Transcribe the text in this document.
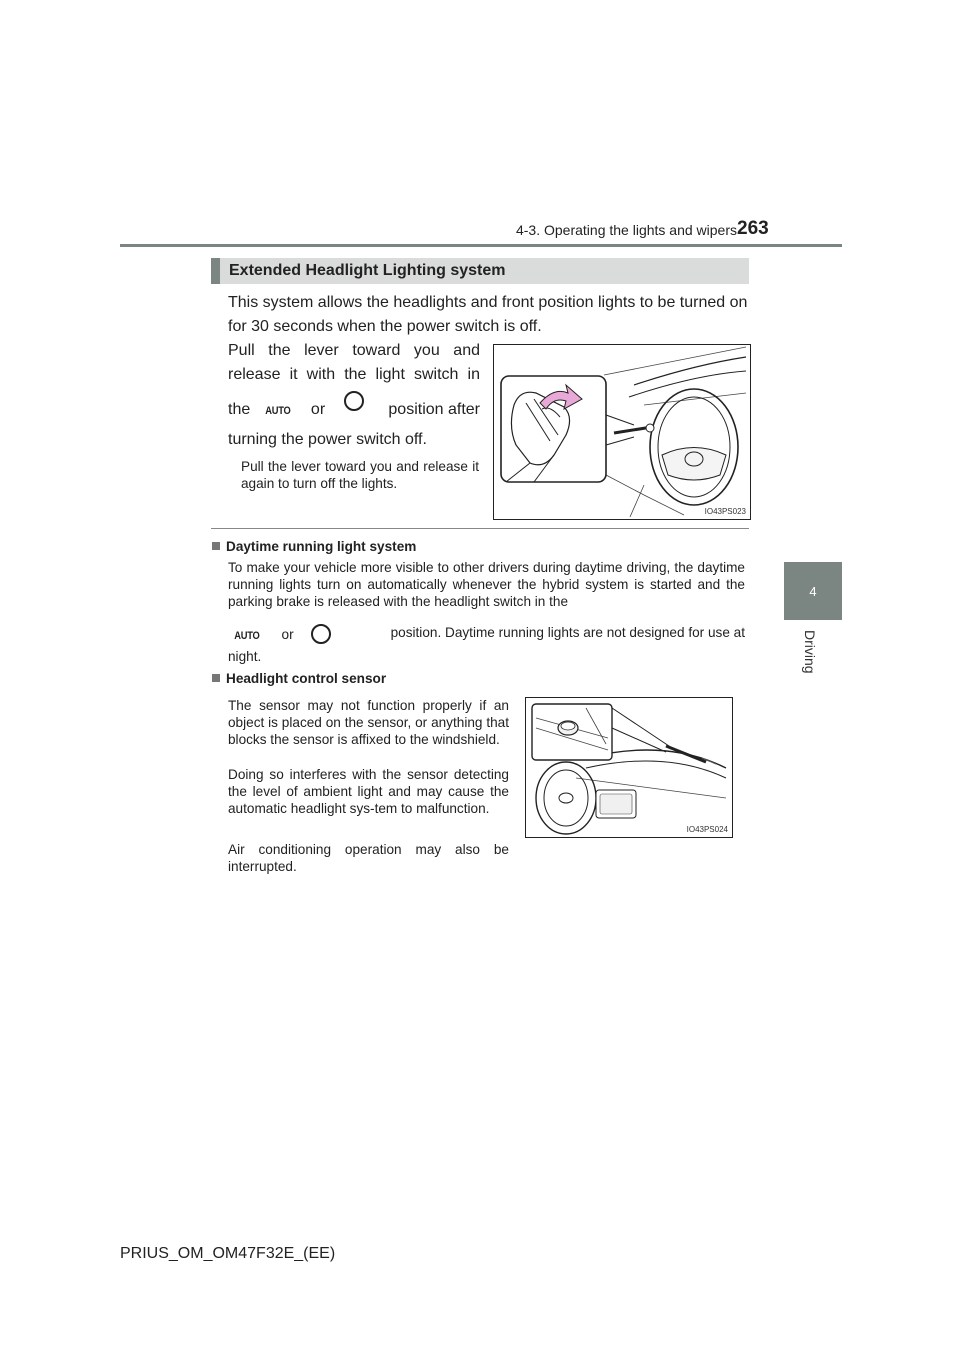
4-3. Operating the lights and wipers 263
4
Driving
Extended Headlight Lighting system
This system allows the headlights and front position lights to be turned on for 30 seconds when the power switch is off.
Pull the lever toward you and
release it with the light switch in
the AUTO or	position after
turning the power switch off.
Pull the lever toward you and release it again to turn off the lights.
IO43PS023
Daytime running light system
To make your vehicle more visible to other drivers during daytime driving, the daytime running lights turn on automatically whenever the hybrid system is started and the parking brake is released with the headlight switch in the
AUTO or	position. Daytime running lights are not designed for use at
night.
Headlight control sensor
The sensor may not function properly if an object is placed on the sensor, or anything that blocks the sensor is affixed to the windshield.
Doing so interferes with the sensor detecting the level of ambient light and may cause the automatic headlight sys-tem to malfunction.
Air conditioning operation may also be interrupted.
IO43PS024
PRIUS_OM_OM47F32E_(EE)
